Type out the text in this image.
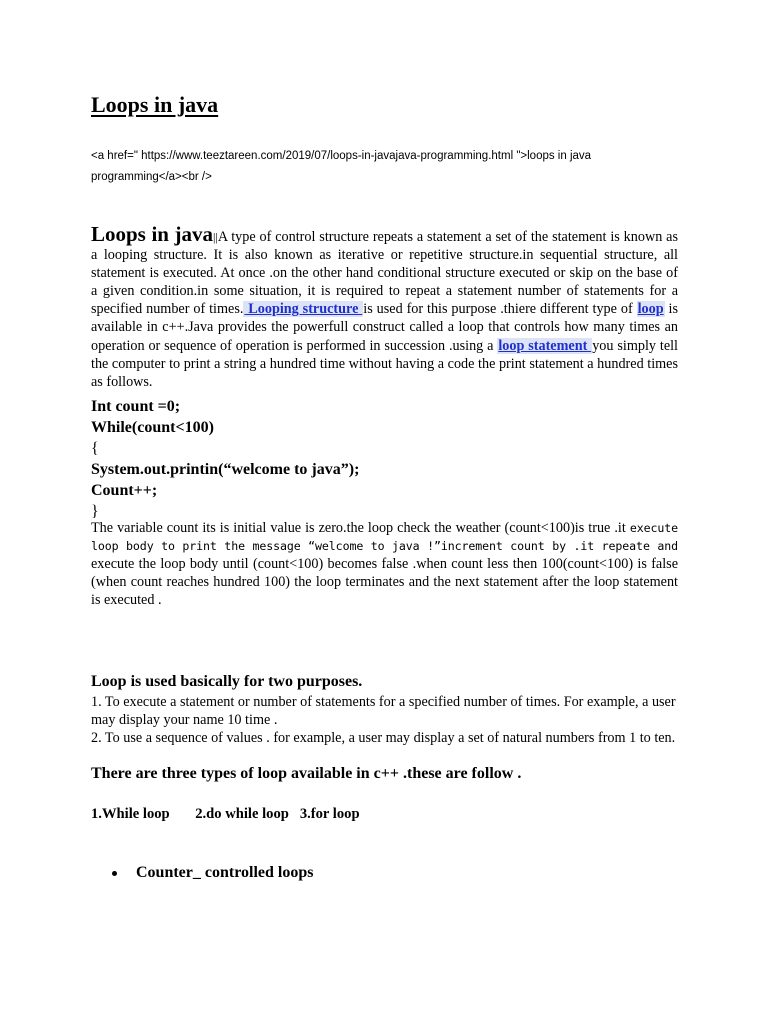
Loops in java

<a href=" https://www.teeztareen.com/2019/07/loops-in-javajava-programming.html ">loops in java programming</a><br />

Loops in java||A type of control structure repeats a statement a set of the statement is known as a looping structure. It is also known as iterative or repetitive structure.in sequential structure, all statement is executed. At once .on the other hand conditional structure executed or skip on the base of a given condition.in some situation, it is required to repeat a statement number of statements for a specified number of times. Looping structure is used for this purpose .thiere different type of loop is available in c++.Java provides the powerfull construct called a loop that controls how many times an operation or sequence of operation is performed in succession .using a loop statement you simply tell the computer to print a string a hundred time without having a code the print statement a hundred times as follows.

Int count =0;
While(count<100)
{
System.out.printin(“welcome to java”);
Count++;
}

The variable count its is initial value is zero.the loop check the weather (count<100)is true .it execute loop body to print the message “welcome to java !”increment count by .it repeate and execute the loop body until (count<100) becomes false .when count less then 100(count<100) is false (when count reaches hundred 100) the loop terminates and the next statement after the loop statement is executed .

Loop is used basically for two purposes.

1. To execute a statement or number of statements for a specified number of times. For example, a user may display your name 10 time .

2. To use a sequence of values . for example, a user may display a set of natural numbers from 1 to ten.

There are three types of loop available in c++ .these are follow .

1.While loop 2.do while loop 3.for loop

Counter_ controlled loops
